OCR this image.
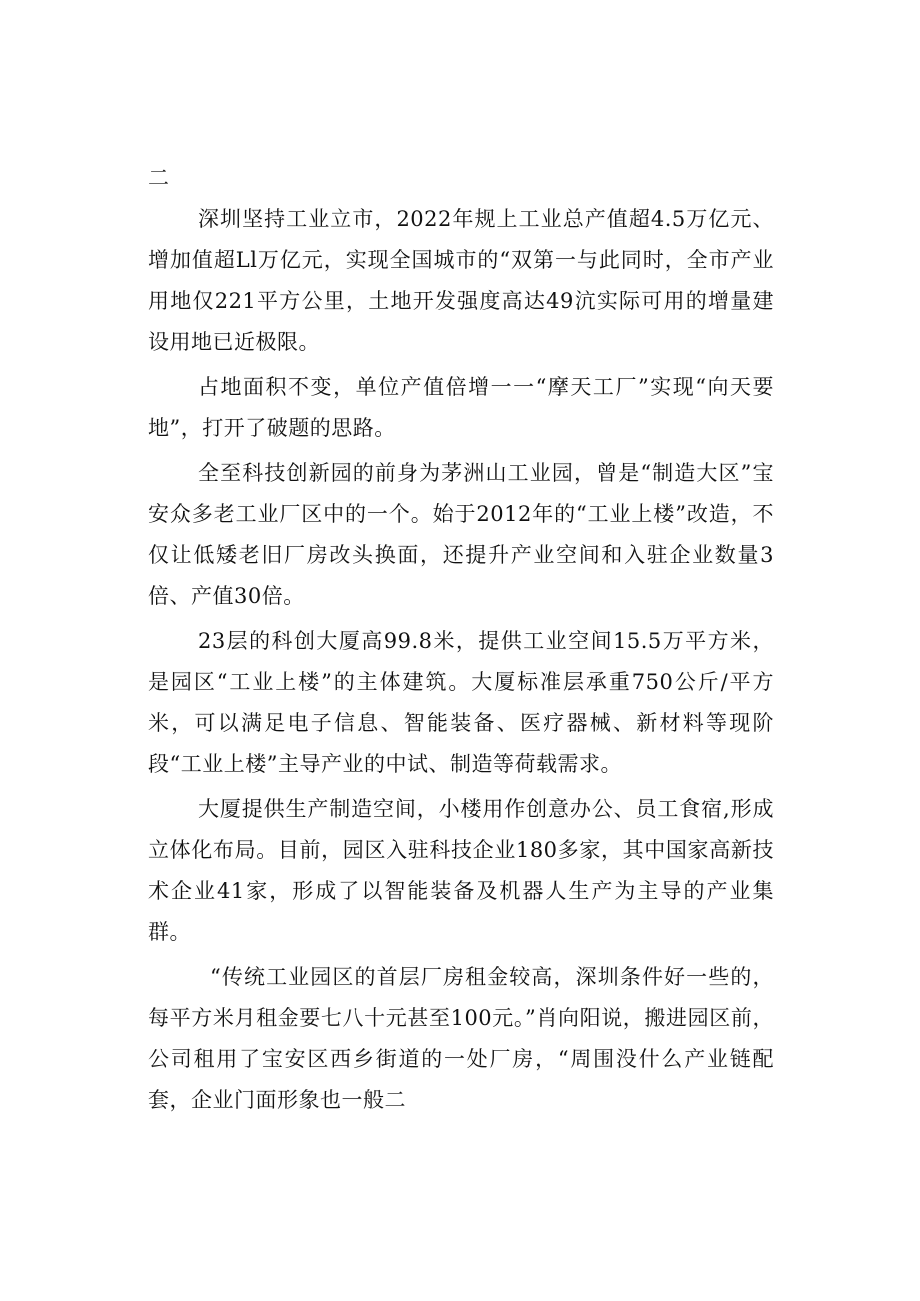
二

深圳坚持工业立市，2022年规上工业总产值超4.5万亿元、增加值超Ll万亿元，实现全国城市的“双第一与此同时，全市产业用地仅221平方公里，土地开发强度高达49沆实际可用的增量建设用地已近极限。

占地面积不变，单位产值倍增一一“摩天工厂”实现“向天要地”，打开了破题的思路。

全至科技创新园的前身为茅洲山工业园，曾是“制造大区”宝安众多老工业厂区中的一个。始于2012年的“工业上楼”改造，不仅让低矮老旧厂房改头换面，还提升产业空间和入驻企业数量3倍、产值30倍。

23层的科创大厦高99.8米，提供工业空间15.5万平方米，是园区“工业上楼”的主体建筑。大厦标准层承重750公斤/平方米，可以满足电子信息、智能装备、医疗器械、新材料等现阶段“工业上楼”主导产业的中试、制造等荷载需求。

大厦提供生产制造空间，小楼用作创意办公、员工食宿,形成立体化布局。目前，园区入驻科技企业180多家，其中国家高新技术企业41家，形成了以智能装备及机器人生产为主导的产业集群。

“传统工业园区的首层厂房租金较高，深圳条件好一些的，每平方米月租金要七八十元甚至100元。”肖向阳说，搬进园区前，公司租用了宝安区西乡街道的一处厂房，“周围没什么产业链配套，企业门面形象也一般二
